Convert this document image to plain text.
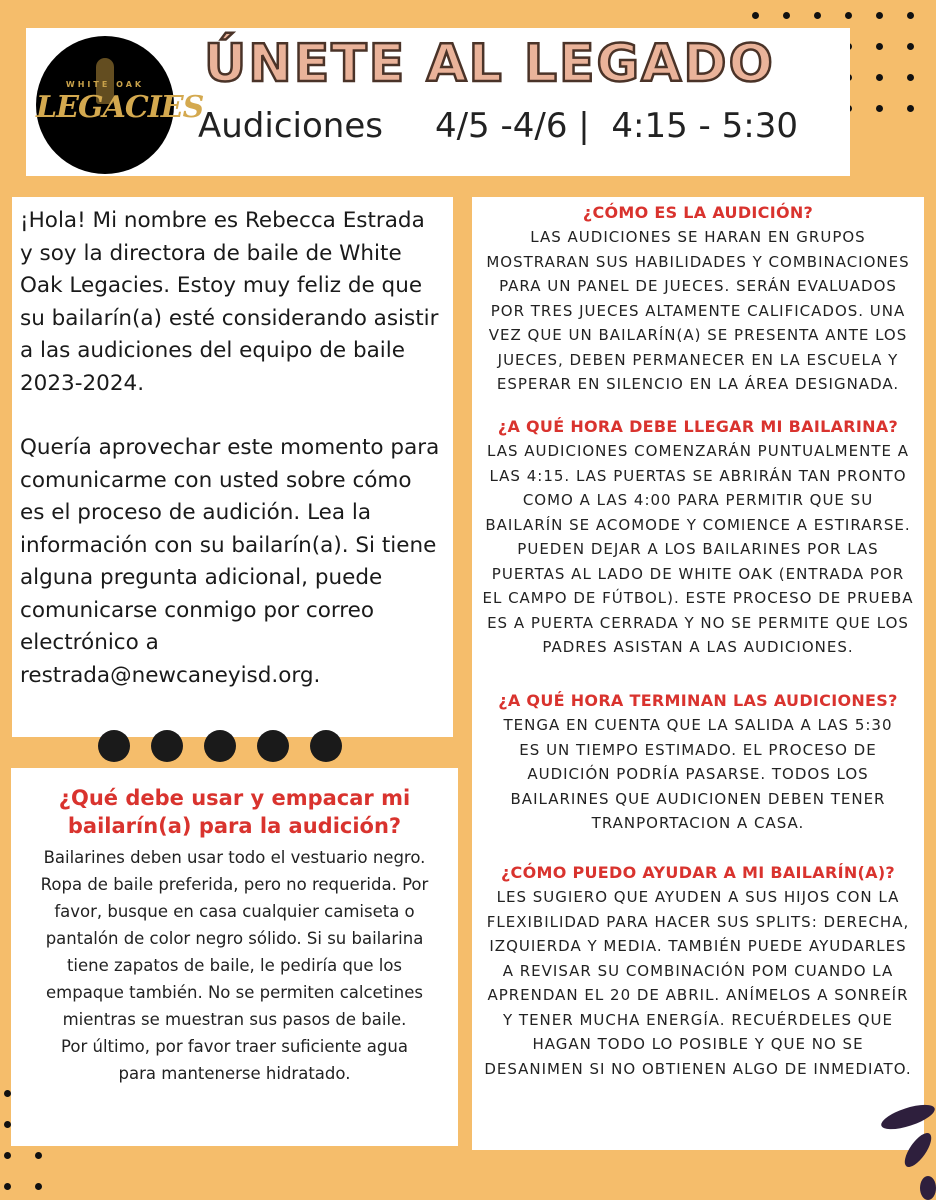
WHITE OAK
LEGACIES
ÚNETE AL LEGADO
Audiciones 4/5 -4/6 | 4:15 - 5:30

¡Hola! Mi nombre es Rebecca Estrada y soy la directora de baile de White Oak Legacies. Estoy muy feliz de que su bailarín(a) esté considerando asistir a las audiciones del equipo de baile 2023-2024.

Quería aprovechar este momento para comunicarme con usted sobre cómo es el proceso de audición. Lea la información con su bailarín(a). Si tiene alguna pregunta adicional, puede comunicarse conmigo por correo electrónico a restrada@newcaneyisd.org.

¿Qué debe usar y empacar mi
bailarín(a) para la audición?
Bailarines deben usar todo el vestuario negro. Ropa de baile preferida, pero no requerida. Por favor, busque en casa cualquier camiseta o pantalón de color negro sólido. Si su bailarina tiene zapatos de baile, le pediría que los empaque también. No se permiten calcetines mientras se muestran sus pasos de baile.
Por último, por favor traer suficiente agua para mantenerse hidratado.
¿CÓMO ES LA AUDICIÓN?
LAS AUDICIONES SE HARAN EN GRUPOS MOSTRARAN SUS HABILIDADES Y COMBINACIONES PARA UN PANEL DE JUECES. SERÁN EVALUADOS POR TRES JUECES ALTAMENTE CALIFICADOS. UNA VEZ QUE UN BAILARÍN(A) SE PRESENTA ANTE LOS JUECES, DEBEN PERMANECER EN LA ESCUELA Y ESPERAR EN SILENCIO EN LA ÁREA DESIGNADA.
¿A QUÉ HORA DEBE LLEGAR MI BAILARINA?
LAS AUDICIONES COMENZARÁN PUNTUALMENTE A LAS 4:15. LAS PUERTAS SE ABRIRÁN TAN PRONTO COMO A LAS 4:00 PARA PERMITIR QUE SU BAILARÍN SE ACOMODE Y COMIENCE A ESTIRARSE. PUEDEN DEJAR A LOS BAILARINES POR LAS PUERTAS AL LADO DE WHITE OAK (ENTRADA POR EL CAMPO DE FÚTBOL). ESTE PROCESO DE PRUEBA ES A PUERTA CERRADA Y NO SE PERMITE QUE LOS PADRES ASISTAN A LAS AUDICIONES.
¿A QUÉ HORA TERMINAN LAS AUDICIONES?
TENGA EN CUENTA QUE LA SALIDA A LAS 5:30 ES UN TIEMPO ESTIMADO. EL PROCESO DE AUDICIÓN PODRÍA PASARSE. TODOS LOS BAILARINES QUE AUDICIONEN DEBEN TENER TRANPORTACION A CASA.
¿CÓMO PUEDO AYUDAR A MI BAILARÍN(A)?
LES SUGIERO QUE AYUDEN A SUS HIJOS CON LA FLEXIBILIDAD PARA HACER SUS SPLITS: DERECHA, IZQUIERDA Y MEDIA. TAMBIÉN PUEDE AYUDARLES A REVISAR SU COMBINACIÓN POM CUANDO LA APRENDAN EL 20 DE ABRIL. ANÍMELOS A SONREÍR Y TENER MUCHA ENERGÍA. RECUÉRDELES QUE HAGAN TODO LO POSIBLE Y QUE NO SE DESANIMEN SI NO OBTIENEN ALGO DE INMEDIATO.
